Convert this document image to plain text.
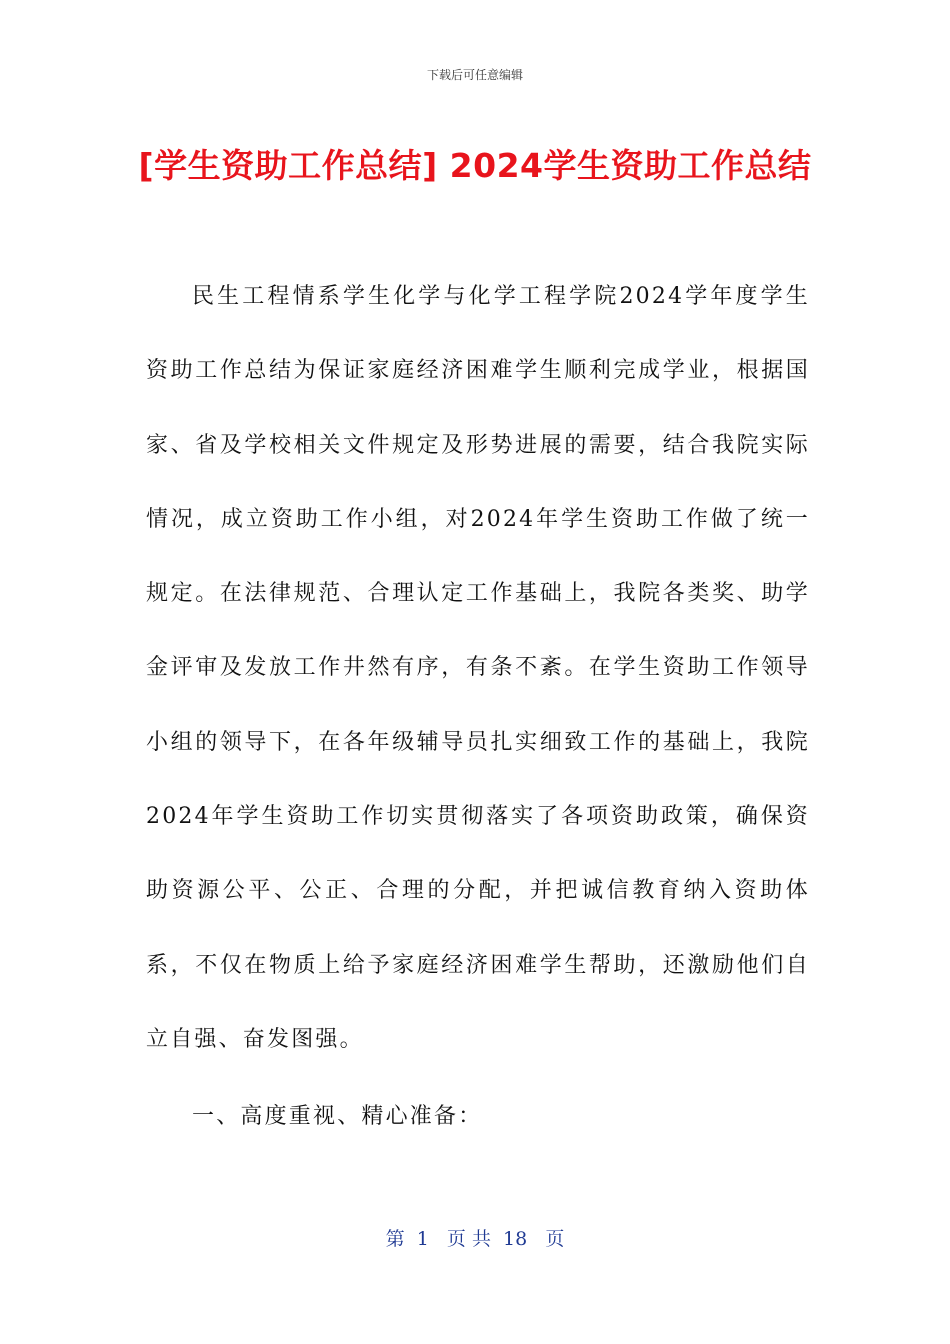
下载后可任意编辑
[学生资助工作总结] 2024学生资助工作总结

民生工程情系学生化学与化学工程学院2024学年度学生资助工作总结为保证家庭经济困难学生顺利完成学业，根据国家、省及学校相关文件规定及形势进展的需要，结合我院实际情况，成立资助工作小组，对2024年学生资助工作做了统一规定。在法律规范、合理认定工作基础上，我院各类奖、助学金评审及发放工作井然有序，有条不紊。在学生资助工作领导小组的领导下，在各年级辅导员扎实细致工作的基础上，我院2024年学生资助工作切实贯彻落实了各项资助政策，确保资助资源公平、公正、合理的分配，并把诚信教育纳入资助体系，不仅在物质上给予家庭经济困难学生帮助，还激励他们自立自强、奋发图强。

一、高度重视、精心准备：

第  1   页 共  18   页
